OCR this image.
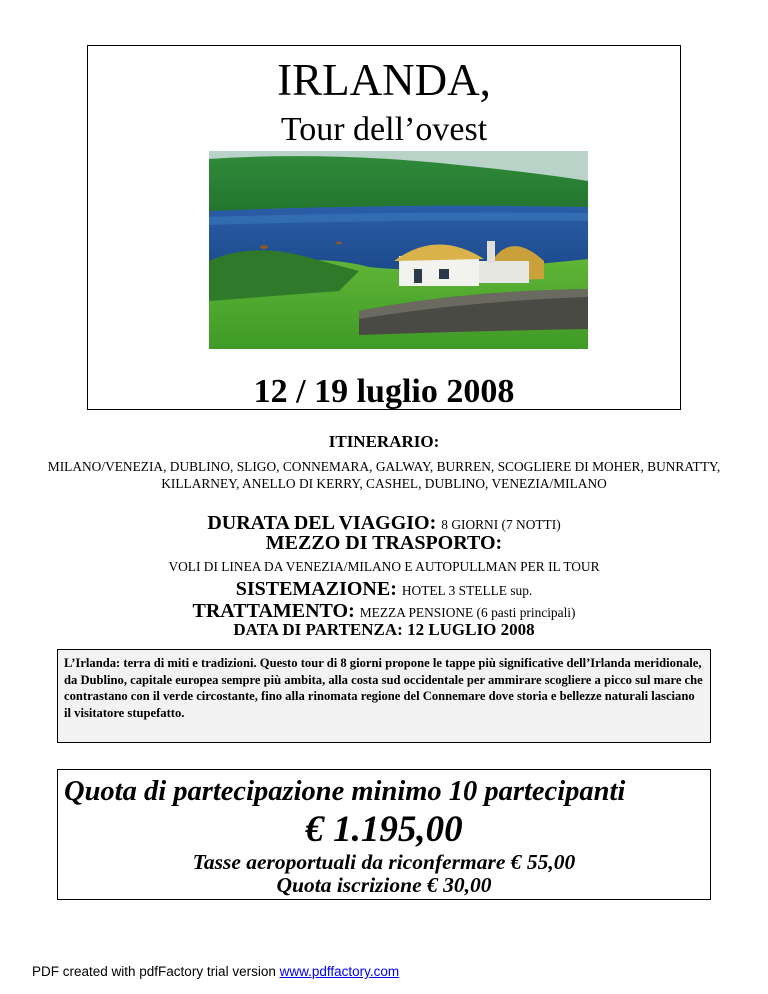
IRLANDA,
Tour dell’ovest
12 / 19 luglio 2008
ITINERARIO:
MILANO/VENEZIA, DUBLINO, SLIGO, CONNEMARA, GALWAY, BURREN, SCOGLIERE DI MOHER, BUNRATTY, KILLARNEY, ANELLO DI KERRY, CASHEL, DUBLINO, VENEZIA/MILANO
DURATA DEL VIAGGIO: 8 GIORNI (7 NOTTI)
MEZZO DI TRASPORTO:
VOLI DI LINEA DA VENEZIA/MILANO E AUTOPULLMAN PER IL TOUR
SISTEMAZIONE: HOTEL 3 STELLE sup.
TRATTAMENTO: MEZZA PENSIONE (6 pasti principali)
DATA DI PARTENZA: 12 LUGLIO 2008
L’Irlanda: terra di miti e tradizioni. Questo tour di 8 giorni propone le tappe più significative dell’Irlanda meridionale, da Dublino, capitale europea sempre più ambita, alla costa sud occidentale per ammirare scogliere a picco sul mare che contrastano con il verde circostante, fino alla rinomata regione del Connemare dove storia e bellezze naturali lasciano il visitatore stupefatto.
Quota di partecipazione minimo 10 partecipanti
€ 1.195,00
Tasse aeroportuali da riconfermare € 55,00
Quota iscrizione € 30,00
PDF created with pdfFactory trial version www.pdffactory.com
